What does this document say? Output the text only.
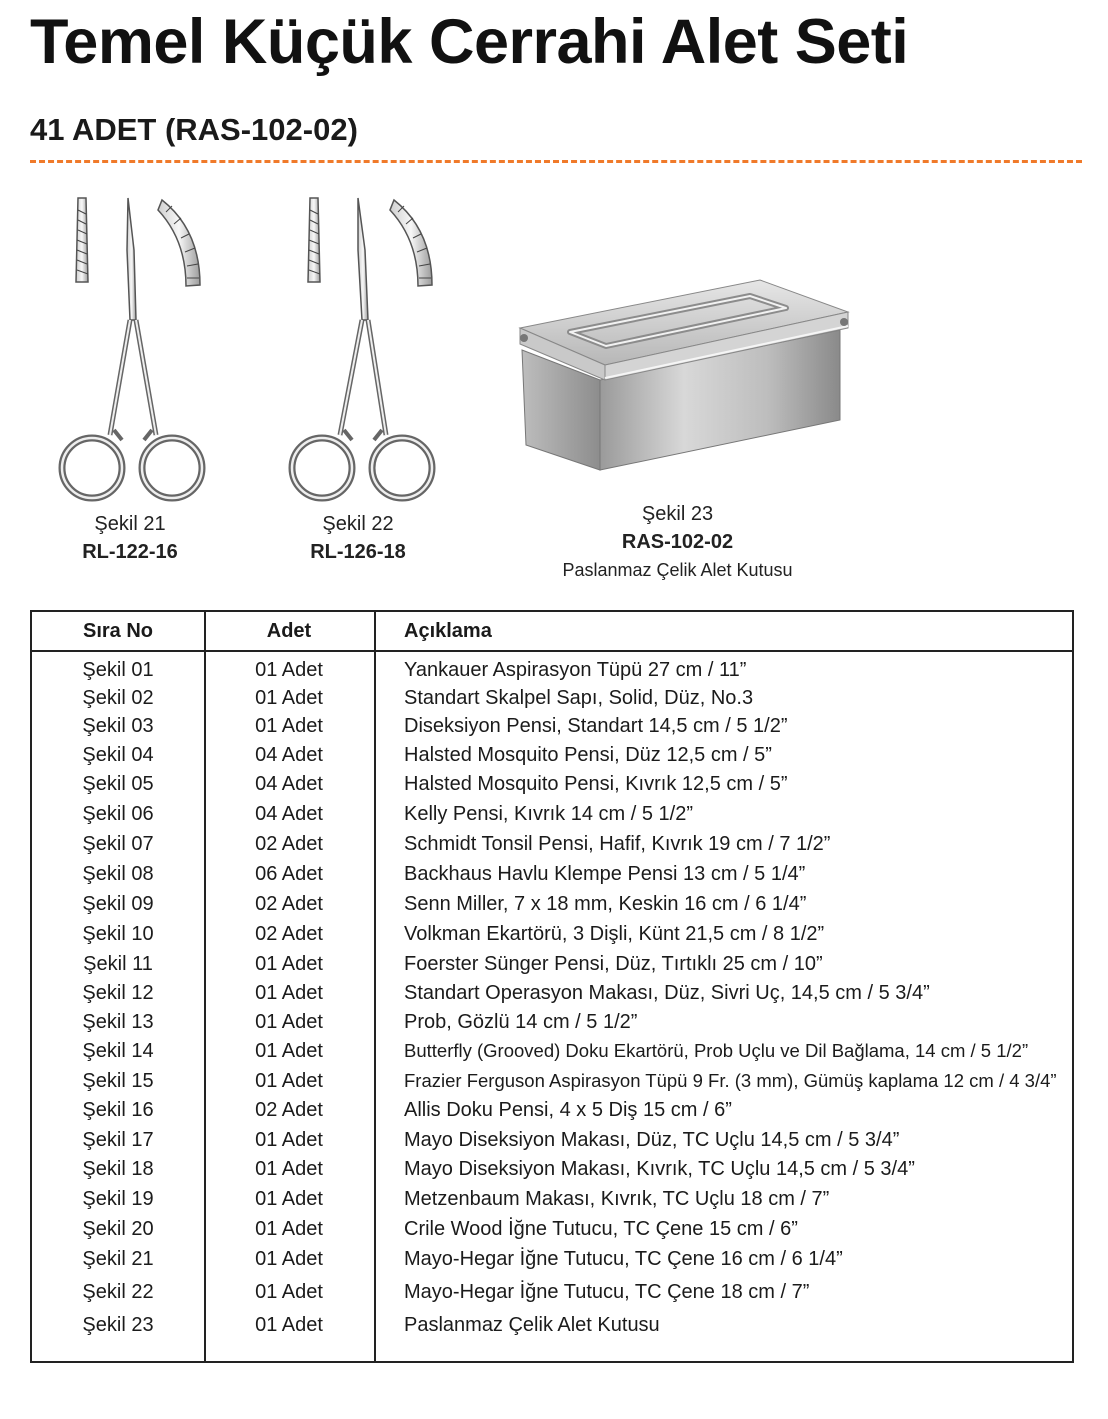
Temel Küçük Cerrahi Alet Seti
41 ADET (RAS-102-02)
Şekil 21
RL-122-16
Şekil 22
RL-126-18
Şekil 23
RAS-102-02
Paslanmaz Çelik Alet Kutusu
Sıra No	Adet	Açıklama
Şekil 01	01 Adet	Yankauer Aspirasyon Tüpü 27 cm / 11”
Şekil 02	01 Adet	Standart Skalpel Sapı, Solid, Düz, No.3
Şekil 03	01 Adet	Diseksiyon Pensi, Standart 14,5 cm / 5 1/2”
Şekil 04	04 Adet	Halsted Mosquito Pensi, Düz 12,5 cm / 5”
Şekil 05	04 Adet	Halsted Mosquito Pensi, Kıvrık 12,5 cm / 5”
Şekil 06	04 Adet	Kelly Pensi, Kıvrık 14 cm / 5 1/2”
Şekil 07	02 Adet	Schmidt Tonsil Pensi, Hafif, Kıvrık 19 cm / 7 1/2”
Şekil 08	06 Adet	Backhaus Havlu Klempe Pensi 13 cm / 5 1/4”
Şekil 09	02 Adet	Senn Miller, 7 x 18 mm, Keskin 16 cm / 6 1/4”
Şekil 10	02 Adet	Volkman Ekartörü, 3 Dişli, Künt 21,5 cm / 8 1/2”
Şekil 11	01 Adet	Foerster Sünger Pensi, Düz, Tırtıklı 25 cm / 10”
Şekil 12	01 Adet	Standart Operasyon Makası, Düz, Sivri Uç, 14,5 cm / 5 3/4”
Şekil 13	01 Adet	Prob, Gözlü 14 cm / 5 1/2”
Şekil 14	01 Adet	Butterfly (Grooved) Doku Ekartörü, Prob Uçlu ve Dil Bağlama, 14 cm / 5 1/2”
Şekil 15	01 Adet	Frazier Ferguson Aspirasyon Tüpü 9 Fr. (3 mm), Gümüş kaplama 12 cm / 4 3/4”
Şekil 16	02 Adet	Allis Doku Pensi, 4 x 5 Diş 15 cm / 6”
Şekil 17	01 Adet	Mayo Diseksiyon Makası, Düz, TC Uçlu 14,5 cm / 5 3/4”
Şekil 18	01 Adet	Mayo Diseksiyon Makası, Kıvrık, TC Uçlu 14,5 cm / 5 3/4”
Şekil 19	01 Adet	Metzenbaum Makası, Kıvrık, TC Uçlu 18 cm / 7”
Şekil 20	01 Adet	Crile Wood İğne Tutucu, TC Çene 15 cm / 6”
Şekil 21	01 Adet	Mayo-Hegar İğne Tutucu, TC Çene 16 cm / 6 1/4”
Şekil 22	01 Adet	Mayo-Hegar İğne Tutucu, TC Çene 18 cm / 7”
Şekil 23	01 Adet	Paslanmaz Çelik Alet Kutusu
